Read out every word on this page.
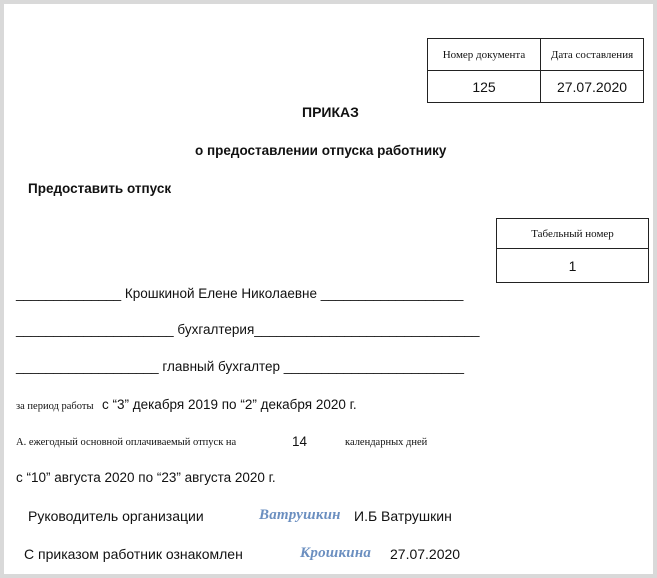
Номер документа	Дата составления
125	27.07.2020
ПРИКАЗ
о предоставлении отпуска работнику
Предоставить отпуск
Табельный номер
1
______________ Крошкиной Елене Николаевне ___________________
_____________________ бухгалтерия______________________________
___________________ главный бухгалтер ________________________
за период работы с “3” декабря 2019 по “2” декабря 2020 г.
А. ежегодный основной оплачиваемый отпуск на	14	календарных дней
с “10” августа 2020 по “23” августа 2020 г.
Руководитель организации	Ватрушкин И.Б Ватрушкин
С приказом работник ознакомлен	Крошкина 27.07.2020
